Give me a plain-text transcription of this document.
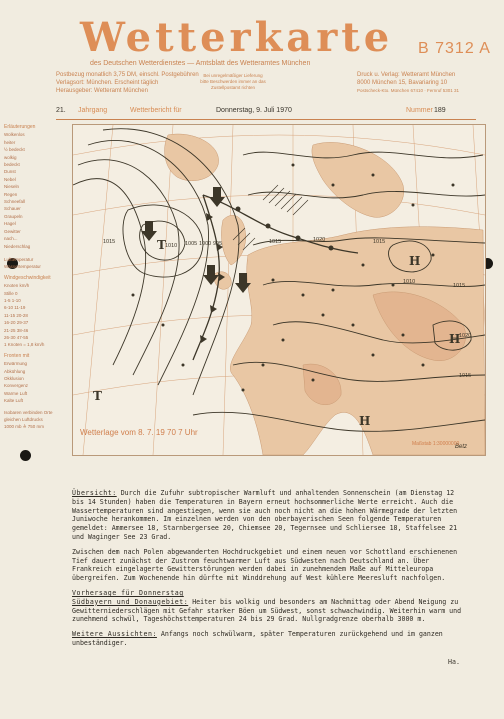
Wetterkarte B 7312 A
des Deutschen Wetterdienstes — Amtsblatt des Wetteramtes München
Postbezug monatlich 3,75 DM, einschl. Postgebühren
Verlagsort: München. Erscheint täglich
Herausgeber: Wetteramt München
Bei unregelmäßiger Lieferung
bitte Beschwerden immer an das
Zustellpostamt richten
Druck u. Verlag: Wetteramt München
8000 München 15, Bavariaring 10
Postscheck-Kto. München 67410 · Fernruf 5301 31
21. Jahrgang	Wetterbericht für	Donnerstag, 9. Juli 1970	Nummer 189
Erläuterungen
Wolkenlos
heiter
½ bedeckt
wolkig
bedeckt
Dunst
Nebel
Nieseln
Regen
Schneefall
Schauer
Graupeln
Hagel
Gewitter
nach...
Niederschlag
Lufttemperatur
Wassertemperatur
Windgeschwindigkeit
Knoten km/h
Stille 0
1-5 1-10
6-10 11-19
11-15 20-28
16-20 29-37
21-25 38-46
26-30 47-55
1 Knoten = 1,8 km/h
Fronten mit
Erwärmung
Abkühlung
Okklusion
Konvergenz
Warme Luft
Kalte Luft
Isobaren verbinden Orte gleichen Luftdrucks
1000 mb ≙ 750 mm
1015
1010 1005 1000 995	1015	1020	1015
1010
1015
1020
1015
T
T
H
H
H
Betz
Wetterlage vom 8. 7. 19 70 7 Uhr
Maßstab 1:30000000

Übersicht: Durch die Zufuhr subtropischer Warmluft und anhaltenden Sonnenschein (am Dienstag 12 bis 14 Stunden) haben die Temperaturen in Bayern erneut hochsommerliche Werte erreicht. Auch die Wassertemperaturen sind angestiegen, wenn sie auch noch nicht an die hohen Wärmegrade der letzten Juniwoche herankommen. Im einzelnen werden von den oberbayerischen Seen folgende Temperaturen gemeldet: Ammersee 18, Starnbergersee 20, Chiemsee 20, Tegernsee und Schliersee 18, Staffelsee 21 und Waginger See 23 Grad.

Zwischen dem nach Polen abgewanderten Hochdruckgebiet und einem neuen vor Schottland erschienenen Tief dauert zunächst der Zustrom feuchtwarmer Luft aus Südwesten nach Deutschland an. Über Frankreich eingelagerte Gewitterstörungen werden dabei in zunehmendem Maße auf Mitteleuropa übergreifen. Zum Wochenende hin dürfte mit Winddrehung auf West kühlere Meeresluft nachfolgen.

Vorhersage für Donnerstag

Südbayern und Donaugebiet: Heiter bis wolkig und besonders am Nachmittag oder Abend Neigung zu Gewitterniederschlägen mit Gefahr starker Böen um Südwest, sonst schwachwindig. Weiterhin warm und zunehmend schwül, Tageshöchsttemperaturen 24 bis 29 Grad. Nullgradgrenze oberhalb 3000 m.

Weitere Aussichten: Anfangs noch schwülwarm, später Temperaturen zurückgehend und im ganzen unbeständiger.

Ha.
